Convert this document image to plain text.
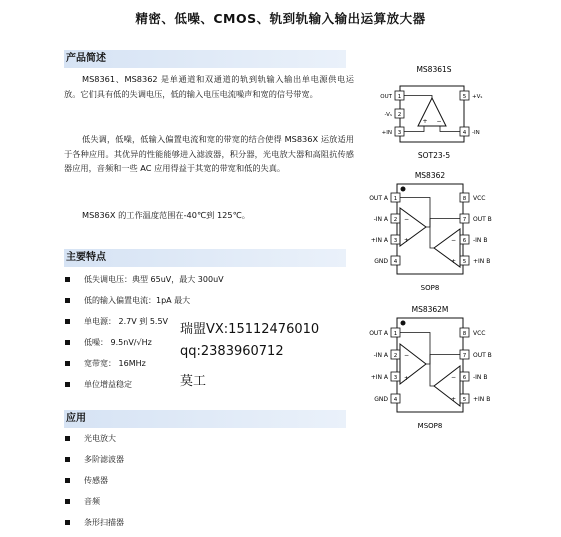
精密、低噪、CMOS、轨到轨输入输出运算放大器
产品简述
MS8361、MS8362 是单通道和双通道的轨到轨输入输出单电源供电运放。它们具有低的失调电压，低的输入电压电流噪声和宽的信号带宽。
低失调，低噪，低输入偏置电流和宽的带宽的结合使得 MS836X 运放适用于各种应用。其优异的性能能够进入滤波器，积分器，光电放大器和高阻抗传感器应用，音频和一些 AC 应用得益于其宽的带宽和低的失真。
MS836X 的工作温度范围在-40℃到 125℃。
主要特点
低失调电压：典型 65uV，最大 300uV
低的输入偏置电流：1pA 最大
单电源： 2.7V 到 5.5V
低噪： 9.5nV/√Hz
宽带宽： 16MHz
单位增益稳定
应用
光电放大
多阶滤波器
传感器
音频
条形扫描器
瑞盟VX:15112476010
qq:2383960712
莫工
MS8361S
1
2
3
OUT
-Vₛ
+IN
5
4
+Vₛ
-IN
+ −
SOT23-5
MS8362
1
2
3
4
OUT A
-IN A
+IN A
GND
8
7
6
5
VCC
OUT B
-IN B
+IN B
−
+	−
+
SOP8
MS8362M
1
2
3
4
OUT A
-IN A
+IN A
GND
8
7
6
5
VCC
OUT B
-IN B
+IN B
−
+	−
+
MSOP8
